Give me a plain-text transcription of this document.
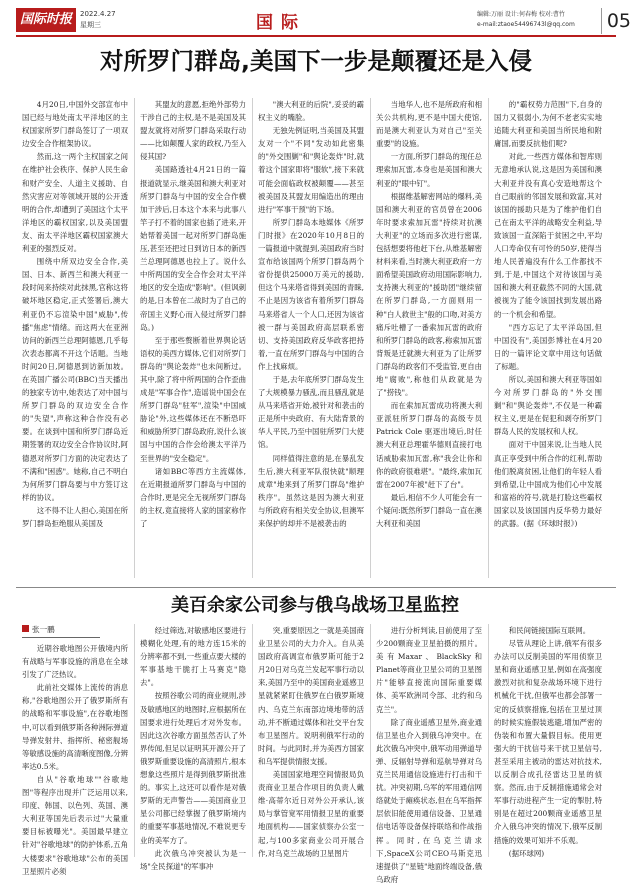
国际时报	2022.4.27
星期三	国际	编辑:万丽 设计:何春梅 校对:曹竹
e-mail:ztaoe54496743l@qq.com	05
对所罗门群岛,美国下一步是颠覆还是入侵

4月20日,中国外交部宣布中国已经与地处南太平洋地区的主权国家所罗门群岛签订了一项双边安全合作框架协议。

然而,这一两个主权国家之间在维护社会秩序、保护人民生命和财产安全、人道主义援助、自然灾害应对等领域开展的公开透明的合作,却遭到了美国这个太平洋地区的霸权国家,以及美国盟友、南太平洋地区霸权国家澳大利亚的强烈反对。

围绕中所双边安全合作,美国、日本、新西兰和澳大利亚一段时间来持续对此抹黑,官称这将破坏地区稳定,正式签署后,澳大利亚仍不忘渲染中国"威胁",传播"焦虑"情绪。而这两大在亚洲访问的新西兰总理阿德恩,几乎每次表态都离不开这个话题。当地时间20日,阿德恩到访新加坡。在英国广播公司(BBC)当天播出的独家专访中,她表达了对中国与所罗门群岛的双边安全合作的"失望",声称这种合作没有必要。在谈到中国和所罗门群岛近期签署的双边安全合作协议时,阿德恩对所罗门方面的决定表达了不满和"困惑"。她称,自己不明白为何所罗门群岛要与中方签订这样的协议。

这不得不让人担心,美国在所罗门群岛拒绝服从美国及

其盟友的意愿,拒绝外部势力干涉自己的主权,是不是美国及其盟友就将对所罗门群岛采取行动——比如颠覆人家的政权,乃至入侵其国?

美国路透社4月21日的一篇报道就显示,继美国和澳大利亚对所罗门群岛与中国的安全合作横加干涉后,日本这个本来与此事八竿子打不着的国家也插了进来,开始帮着美国一起对所罗门群岛施压,甚至还把过日到访日本的新西兰总理阿德恩也拉上了。说什么中所两国的安全合作会对太平洋地区的安全造成"影响"。(但讽刺的是,日本曾在二战时为了自己的帝国主义野心而入侵过所罗门群岛。)

至于那些赘断着世界舆论话语权的美西方媒体,它们对所罗门群岛的"舆论轰炸"也未间断过。其中,除了将中所两国的合作歪曲成是"军事合作",造谣说中国会在所罗门群岛"驻军",渲染"中国威胁论"外,这些媒体还在不断恐吓和威胁所罗门群岛政府,说什么该国与中国的合作会给澳太平洋乃至世界的"安全稳定"。

诸如BBC等西方主流媒体,在近期报道所罗门群岛与中国的合作时,更是完全无视所罗门群岛的主权,竟直接将人家的国家称作了

"澳大利亚的后院",妥妥的霸权主义的嘴脸。

无独先例证明,当美国及其盟友对一个"不同"发动如此密集的"外交围剿"和"舆论轰炸"时,就着这个国家即将"服软",接下来就可能会面临政权被颠覆——甚至被美国及其盟友用编造出的理由进行"军事干预"的下场。

所罗门群岛本地媒体《所罗门时报》在2020年10月8日的一篇报道中就提到,美国政府当时宣布给该国两个所罗门群岛两个省份提供25000万美元的援助,但这个马来塔省得到美国的青睐,不止是因为该省有着所罗门群岛马来塔省人一个人口,还因为该省被一群与美国政府高层联系密切、支持美国政府反华政客把持着,一直在所罗门群岛与中国的合作上找麻烦。

于是,去年底所罗门群岛发生了大规模暴力骚乱,而且骚乱就是从马来塔省开始,被针对和袭击的正是所中央政府、有大陆背景的华人平民,乃至中国驻所罗门大使馆。

同样值得注意的是,在暴乱发生后,澳大利亚军队很快就"顺理成章"地来到了所罗门群岛"维护秩序"。虽然这是因为澳大利亚与所政府有相关安全协议,但澳军来保护的却并不是被袭击的

当地华人,也不是所政府和相关公共机构,更不是中国大使馆,而是澳大利亚认为对自己"至关重要"的设施。

一方面,所罗门群岛的现任总理索加瓦雷,本身也是美国和澳大利亚的"眼中钉"。

根据维基解密网站的爆料,美国和澳大利亚的官员曾在2006年时要求索加瓦雷"持续对抗澳大利亚"的立场而多次进行密谋,包括想要将他赶下台,从维基解密材料来看,当时澳大利亚政府一方面希望美国政府动用国际影响力,支持澳大利亚的"援助团"继续留在所罗门群岛,一方面则用一种"白人救世主"般的口吻,对美方痛斥吐槽了一番索加瓦雷的政府和所罗门群岛的政客,称索加瓦雷背叛是迁就澳大利亚为了让所罗门群岛的政客们不受监管,更自由地"腐败",称他们从政就是为了"捞钱"。

而在索加瓦雷成功将澳大利亚派驻所罗门群岛的高级专员 Patrick Cole 驱逐出境后,时任澳大利亚总理霍华德则直接打电话威胁索加瓦雷,称"我会让你和你的政府很难堪"。"最终,索加瓦雷在2007年被"赶下了台"。

最后,相信不少人可能会有一个疑问:既然所罗门群岛一直在澳大利亚和美国

的"霸权势力范围"下,自身的国力又很弱小,为何不老老实实地追随大利亚和美国当所民地和附庸国,而要反抗他们呢?

对此,一些西方媒体和智库则无意地承认说,这是因为美国和澳大利亚并没有真心安造地帮这个自己眼前的邻国发展和致富,其对该国的援助只是为了维护他们自己在南太平洋的战略安全利益,导致该国一直深陷于贫困之中,平均人口寿命仅有可怜的50岁,使得当地人民普遍没有什么工作都找不到,于是,中国这个对待该国与美国和澳大利亚截然不同的大国,就被视为了能令该国找到发展出路的一个机会和希望。

"西方忘记了太平洋岛国,但中国没有",美国彭博社在4月20日的一篇评论文章中用这句话做了标题。

所以,美国和澳大利亚等国如今对所罗门群岛的"外交围剿"和"舆论轰炸",不仅是一种霸权主义,更是在促犯和剥夺所罗门群岛人民的发展权和人权。

面对干中国来说,让当地人民真正享受到中所合作的红利,帮助他们脱离贫困,让他们的年轻人看到希望,让中国成为他们心中发展和富裕的符号,就是打脸这些霸权国家以及该国国内反华势力最好的武器。(据《环球时报》)

美百余家公司参与俄乌战场卫星监控
张一鹏

近期谷歌地图公开俄境内所有战略与军事设施的消息在全球引发了广泛热议。

此前社交媒体上流传的消息称,"谷歌地图公开了俄罗斯所有的战略和军事设施",在谷歌地图中,可以看到俄罗斯各种洲际弹道导弹发射井、指挥所、秘密舰场等敏感设施的高清晰度图像,分辨率达0.5米。

自从"谷歌地球""谷歌地图"等程序出现并广泛运用以来,印度、韩国、以色列、英国、澳大利亚等国先后表示过"大量重要目标被曝光"。美国最早建立针对"谷歌地球"的防护体系,五角大楼要求"谷歌地球"公布的美国卫星照片必须

经过筛选,对敏感地区要进行模糊化处理,有的地方连15米的分辨率都不到,一些重点要大楼的军事基地干脆打上马赛克"隐去"。

按照谷歌公司的商业规则,涉及敏感地区的地图时,应根据所在国要求进行处理后才对外发布。因此这次谷歌方面虽然否认了外界传闻,但足以证明其开源公开了俄罗斯重要设施的高清照片,根本想象这些照片是得到俄罗斯批准的。事实上,这还可以看作是对俄罗斯的无声警告——美国商业卫星公司都已经掌握了俄罗斯境内的重要军事基地情况,不难说更专业的美军方了。

此次俄乌冲突被认为是一场"全民探道"的军事冲

突,重要原因之一就是美国商业卫星公司的大力介入。自从美国政府高调宣布俄罗斯可能于2月20日对乌克兰发起军事行动以来,美国乃至中的美国商业遥感卫星就紧紧盯住俄罗在白俄罗斯境内、乌克兰东南部边境地带的活动,并不断通过媒体和社交平台发布卫星图片。说明利俄军行动的时间。与此同时,并为美西方国家和乌军提供情报支援。

美国国家地理空间情报局负责商业卫星合作项目的负责人戴维·高蒂尔近日对外公开承认,该局与掌管宽军用情报卫星的重要地面机构——国家侦察办公室一起,与100多家商业公司开展合作,对乌克兰战场的卫星图片

进行分析判读,目前使用了至少200颗商业卫星拍摄的照片。美有Maxar、BlackSky和Planet等商业卫星公司的卫星图片"能够直接流向国际重要媒体、美军欧洲司令部、北约和乌克兰"。

除了商业遥感卫星外,商业通信卫星也介入到俄乌冲突中。在此次俄乌冲突中,俄军动用弹道导弹、反辐射导弹和巡航导弹对乌克兰民用通信设施进行打击和干扰。冲突初期,乌军的军用通信网络就处于瘫痪状态,但在乌军指挥层依旧能使用通信设备、卫星通信电话等设备保持联络和作战指挥。同时,在乌克兰请求下,SpaceX公司CEO马斯克迅速提供了"星链"地面终端设备,俄乌政府

和民间链接国际互联网。

尽管从理论上讲,俄军有很多办法可以反制美国的军用侦察卫星和商业遥感卫星,例如在高强度激烈对抗和复杂战场环境下进行机械化干扰,但俄军也都会部署一定的反侦察措施,包括在卫星过顶的时候实施假装逃避,增加严密的伪装和布置大量假目标。使用更强大的干扰信号来干扰卫星信号,甚至采用主被动的雷达对抗技术,以反制合成孔径雷达卫星的侦察。然而,由于反制措施通常会对军事行动进程产生一定的掣肘,特别是在超过200颗商业遥感卫星介入俄乌冲突的情况下,俄军反制措施的效果可知并不乐观。

(据环球网)
